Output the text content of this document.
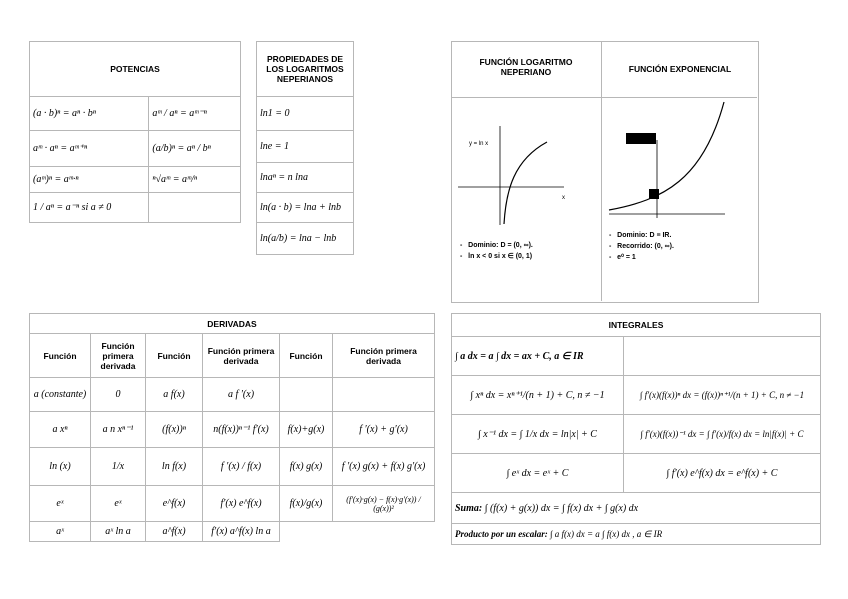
POTENCIAS	
(a · b)ⁿ = aⁿ · bⁿ	aᵐ / aⁿ = aᵐ⁻ⁿ
aᵐ · aⁿ = aᵐ⁺ⁿ	(a/b)ⁿ = aⁿ / bⁿ
(aᵐ)ⁿ = aᵐ·ⁿ	ⁿ√aᵐ = aᵐ/ⁿ
1 / aⁿ = a⁻ⁿ si a ≠ 0	
PROPIEDADES DE LOS LOGARITMOS NEPERIANOS
ln1 = 0
lne = 1
lnaⁿ = n lna
ln(a · b) = lna + lnb
ln(a/b) = lna − lnb
FUNCIÓN LOGARITMO NEPERIANO	FUNCIÓN EXPONENCIAL
y = ln x
x
- Dominio: D = (0, ∞).
- ln x < 0 si x ∈ (0, 1)
- Dominio: D ≡ IR.
- Recorrido: (0, ∞).
- e⁰ = 1
DERIVADAS					
Función	Función primera derivada	Función	Función primera derivada	Función	Función primera derivada
a (constante)	0	a f(x)	a f ′(x)		
a xⁿ	a n xⁿ⁻¹	(f(x))ⁿ	n(f(x))ⁿ⁻¹ f′(x)	f(x)+g(x)	f ′(x) + g′(x)
ln (x)	1/x	ln f(x)	f ′(x) / f(x)	f(x) g(x)	f ′(x) g(x) + f(x) g′(x)
eˣ	eˣ	e^f(x)	f′(x) e^f(x)	f(x)/g(x)	(f′(x)·g(x) − f(x)·g′(x)) / (g(x))²
aˣ	aˣ ln a	a^f(x)	f′(x) a^f(x) ln a		
INTEGRALES	
∫ a dx = a ∫ dx = ax + C, a ∈ IR	
∫ xⁿ dx = xⁿ⁺¹/(n + 1) + C, n ≠ −1	∫ f′(x)(f(x))ⁿ dx = (f(x))ⁿ⁺¹/(n + 1) + C, n ≠ −1
∫ x⁻¹ dx = ∫ 1/x dx = ln|x| + C	∫ f′(x)(f(x))⁻¹ dx = ∫ f′(x)/f(x) dx = ln|f(x)| + C
∫ eˣ dx = eˣ + C	∫ f′(x) e^f(x) dx = e^f(x) + C
Suma: ∫ (f(x) + g(x)) dx = ∫ f(x) dx + ∫ g(x) dx	
Producto por un escalar: ∫ a f(x) dx = a ∫ f(x) dx , a ∈ IR	
